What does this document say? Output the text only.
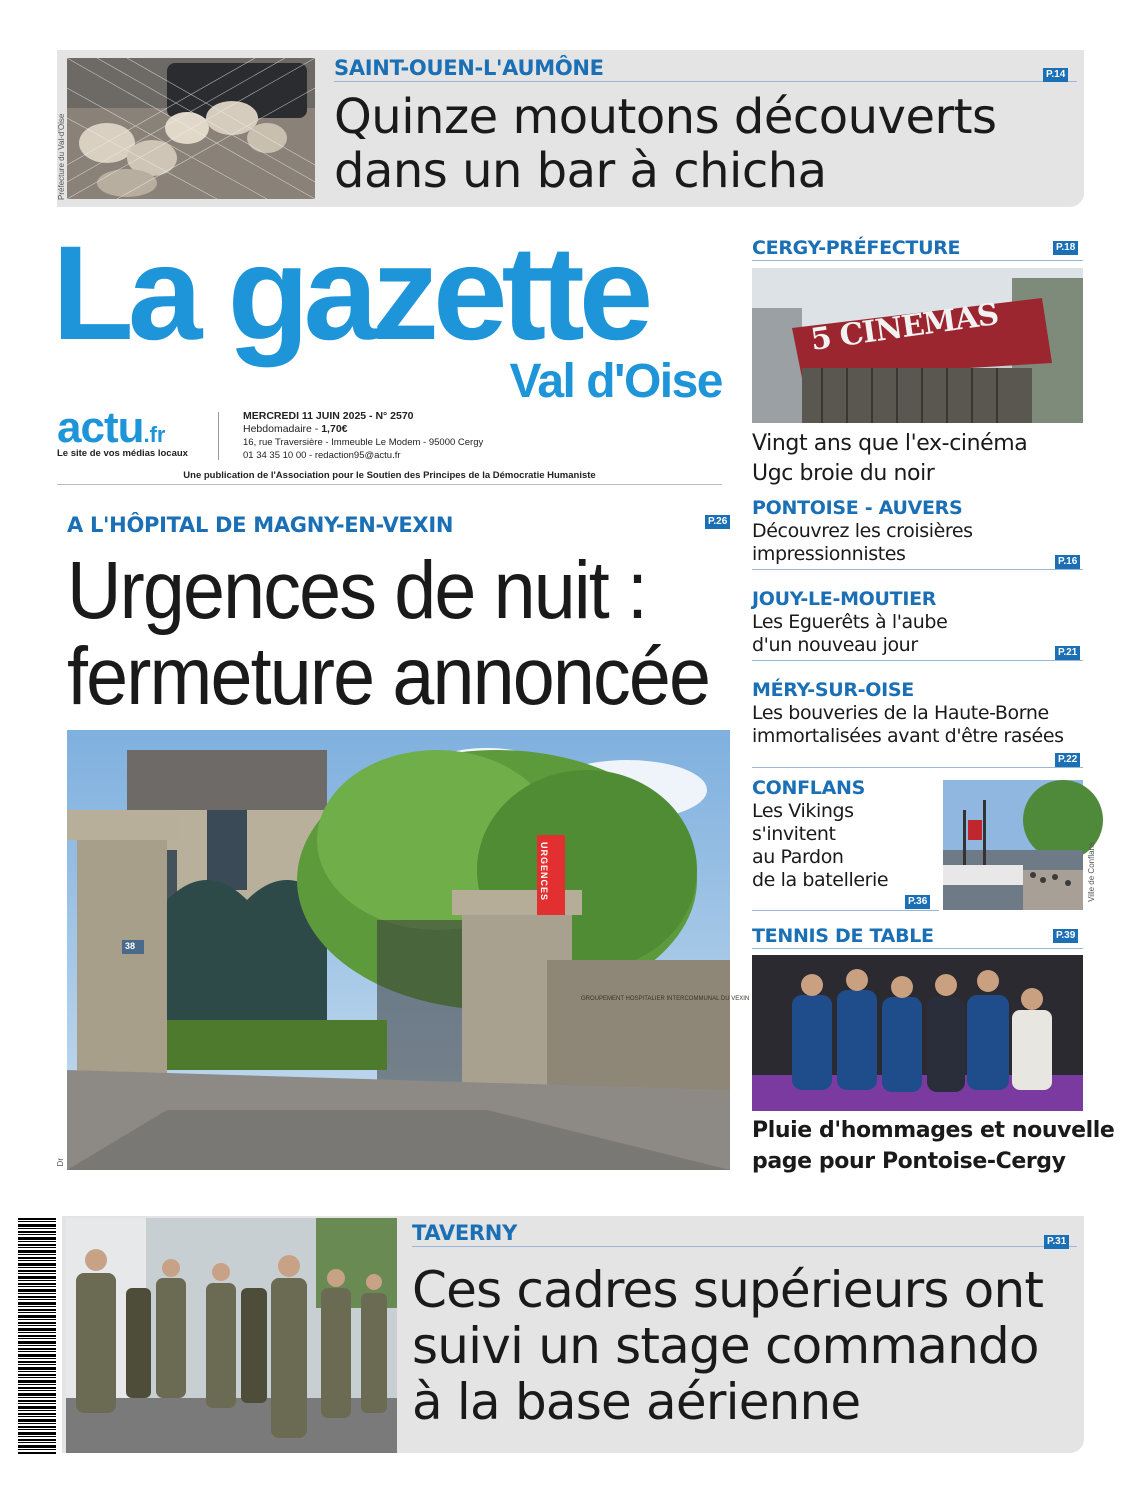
Préfecture du Val-d'Oise
SAINT-OUEN-L'AUMÔNE	P.14
Quinze moutons découverts
dans un bar à chicha
La gazette
Val d'Oise
actu.fr
Le site de vos médias locaux
MERCREDI 11 JUIN 2025 - N° 2570
Hebdomadaire - 1,70€
16, rue Traversière - Immeuble Le Modem - 95000 Cergy
01 34 35 10 00 - redaction95@actu.fr
Une publication de l'Association pour le Soutien des Principes de la Démocratie Humaniste
A L'HÔPITAL DE MAGNY-EN-VEXIN	P.26
Urgences de nuit :
fermeture annoncée
URGENCES
38
GROUPEMENT HOSPITALIER INTERCOMMUNAL DU VEXIN
Dr
CERGY-PRÉFECTURE	P.18
5 CINEMAS
Vingt ans que l'ex-cinéma
Ugc broie du noir
PONTOISE - AUVERS
Découvrez les croisières
impressionnistes	P.16
JOUY-LE-MOUTIER
Les Eguerêts à l'aube
d'un nouveau jour	P.21
MÉRY-SUR-OISE
Les bouveries de la Haute-Borne
immortalisées avant d'être rasées
P.22
CONFLANS
Les Vikings
s'invitent
au Pardon
de la batellerie
P.36	Ville de Conflans
TENNIS DE TABLE	P.39
Pluie d'hommages et nouvelle
page pour Pontoise-Cergy
TAVERNY	P.31
Ces cadres supérieurs ont
suivi un stage commando
à la base aérienne
